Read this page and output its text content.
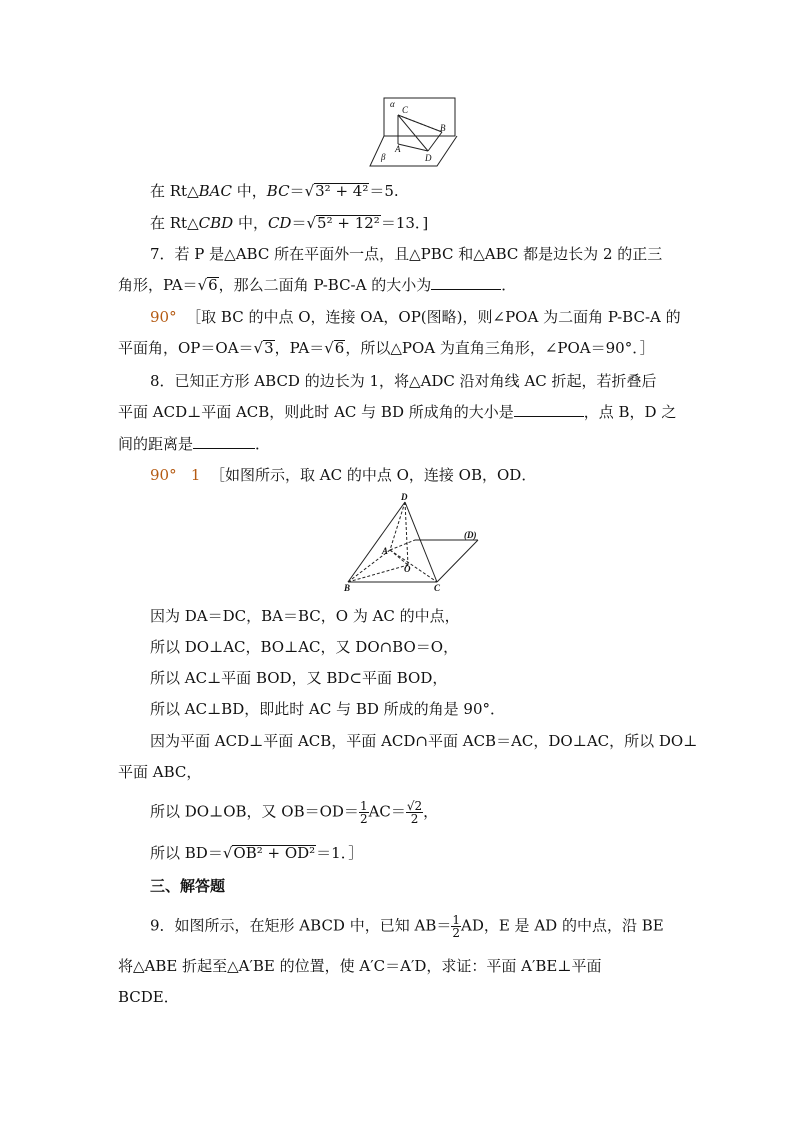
α
C
B
A
D
β
在 Rt△BAC 中，BC＝√3² + 4²＝5.
在 Rt△CBD 中，CD＝√5² + 12²＝13．]
7．若 P 是△ABC 所在平面外一点，且△PBC 和△ABC 都是边长为 2 的正三
角形，PA＝√6，那么二面角 P-BC-A 的大小为	．
90° ［取 BC 的中点 O，连接 OA，OP(图略)，则∠POA 为二面角 P-BC-A 的
平面角，OP＝OA＝√3，PA＝√6，所以△POA 为直角三角形，∠POA＝90°．］
8．已知正方形 ABCD 的边长为 1，将△ADC 沿对角线 AC 折起，若折叠后
平面 ACD⊥平面 ACB，则此时 AC 与 BD 所成角的大小是	，点 B，D 之
间的距离是	．
90° 1 ［如图所示，取 AC 的中点 O，连接 OB，OD．
D
(D)
A
O
B	C
因为 DA＝DC，BA＝BC，O 为 AC 的中点，
所以 DO⊥AC，BO⊥AC，又 DO∩BO＝O，
所以 AC⊥平面 BOD，又 BD⊂平面 BOD，
所以 AC⊥BD，即此时 AC 与 BD 所成的角是 90°．
因为平面 ACD⊥平面 ACB，平面 ACD∩平面 ACB＝AC，DO⊥AC，所以 DO⊥
平面 ABC，
所以 DO⊥OB，又 $OB=OD= \frac{1}{2} AC= \frac{√2}{2}$ ，
所以 BD＝√OB² + OD²＝1．］
三、解答题
9．如图所示，在矩形 ABCD 中，已知 $AB= \frac{1}{2}$ AD，E 是 AD 的中点，沿 BE
将△ABE 折起至△A′BE 的位置，使 A′C＝A′D，求证：平面 A′BE⊥平面
BCDE．
